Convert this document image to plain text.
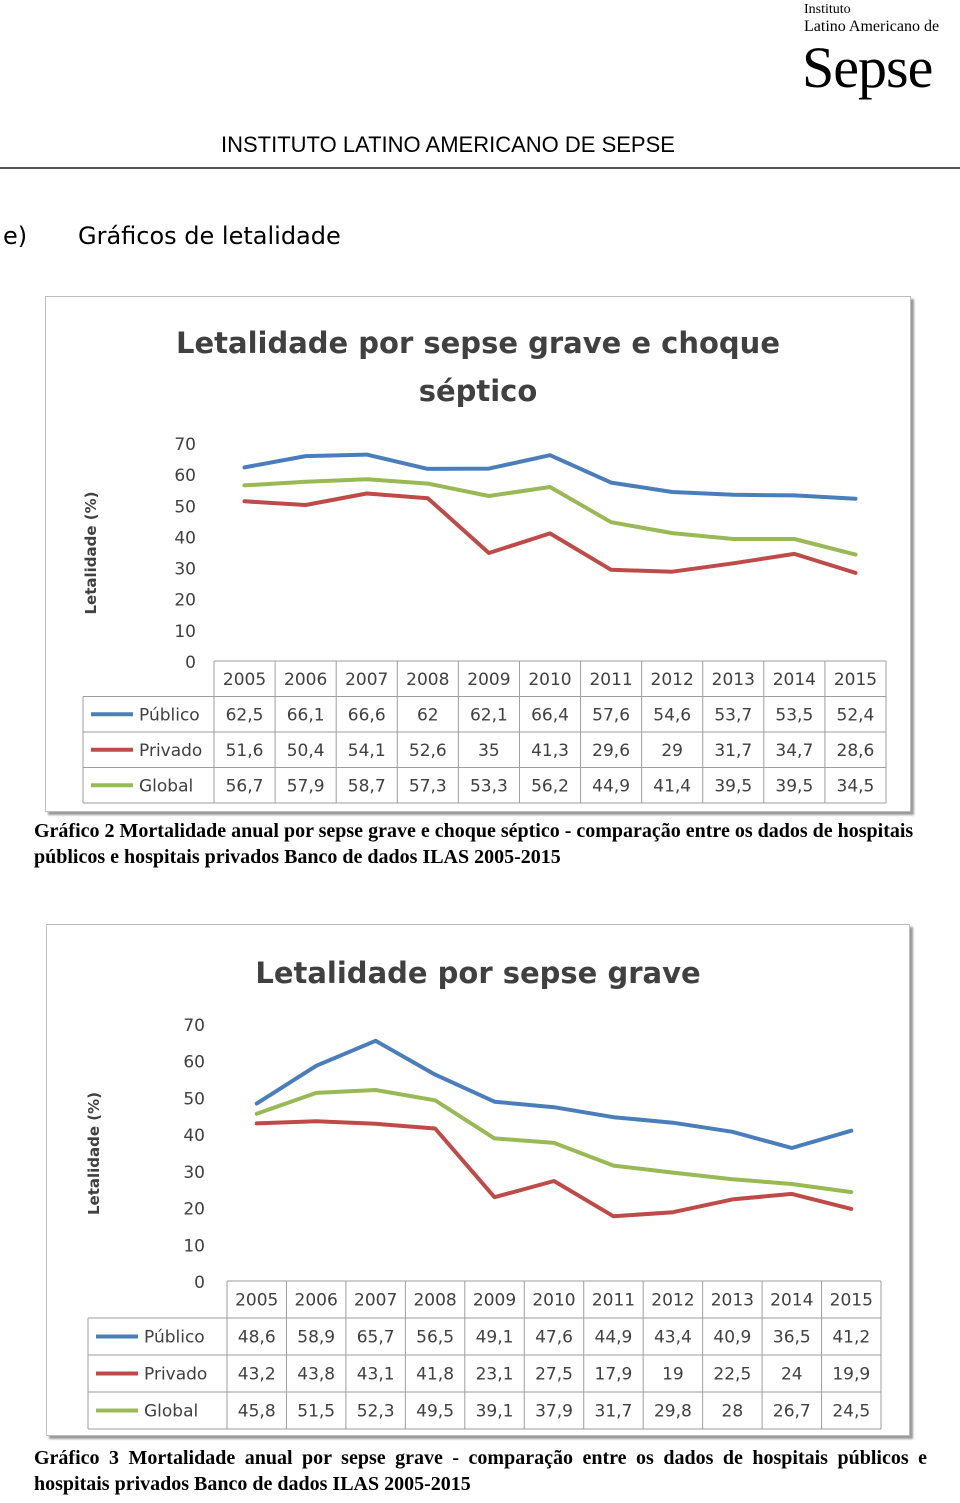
Instituto
Latino Americano de
Sepse
INSTITUTO LATINO AMERICANO DE SEPSE
e) Gráficos de letalidade
Letalidade por sepse grave e choque
séptico
Letalidade (%)
70
60
50
40
30
20
10
0
2005 2006 2007 2008 2009 2010 2011 2012 2013 2014 2015
Público 62,5 66,1 66,6 62 62,1 66,4 57,6 54,6 53,7 53,5 52,4
Privado 51,6 50,4 54,1 52,6 35 41,3 29,6 29 31,7 34,7 28,6
Global 56,7 57,9 58,7 57,3 53,3 56,2 44,9 41,4 39,5 39,5 34,5
Gráfico 2 Mortalidade anual por sepse grave e choque séptico - comparação entre os dados de hospitais públicos e hospitais privados Banco de dados ILAS 2005-2015
Letalidade por sepse grave
Letalidade (%)
70
60
50
40
30
20
10
0
2005 2006 2007 2008 2009 2010 2011 2012 2013 2014 2015
Público 48,6 58,9 65,7 56,5 49,1 47,6 44,9 43,4 40,9 36,5 41,2
Privado 43,2 43,8 43,1 41,8 23,1 27,5 17,9 19 22,5 24 19,9
Global 45,8 51,5 52,3 49,5 39,1 37,9 31,7 29,8 28 26,7 24,5
Gráfico 3 Mortalidade anual por sepse grave - comparação entre os dados de hospitais públicos e hospitais privados Banco de dados ILAS 2005-2015
